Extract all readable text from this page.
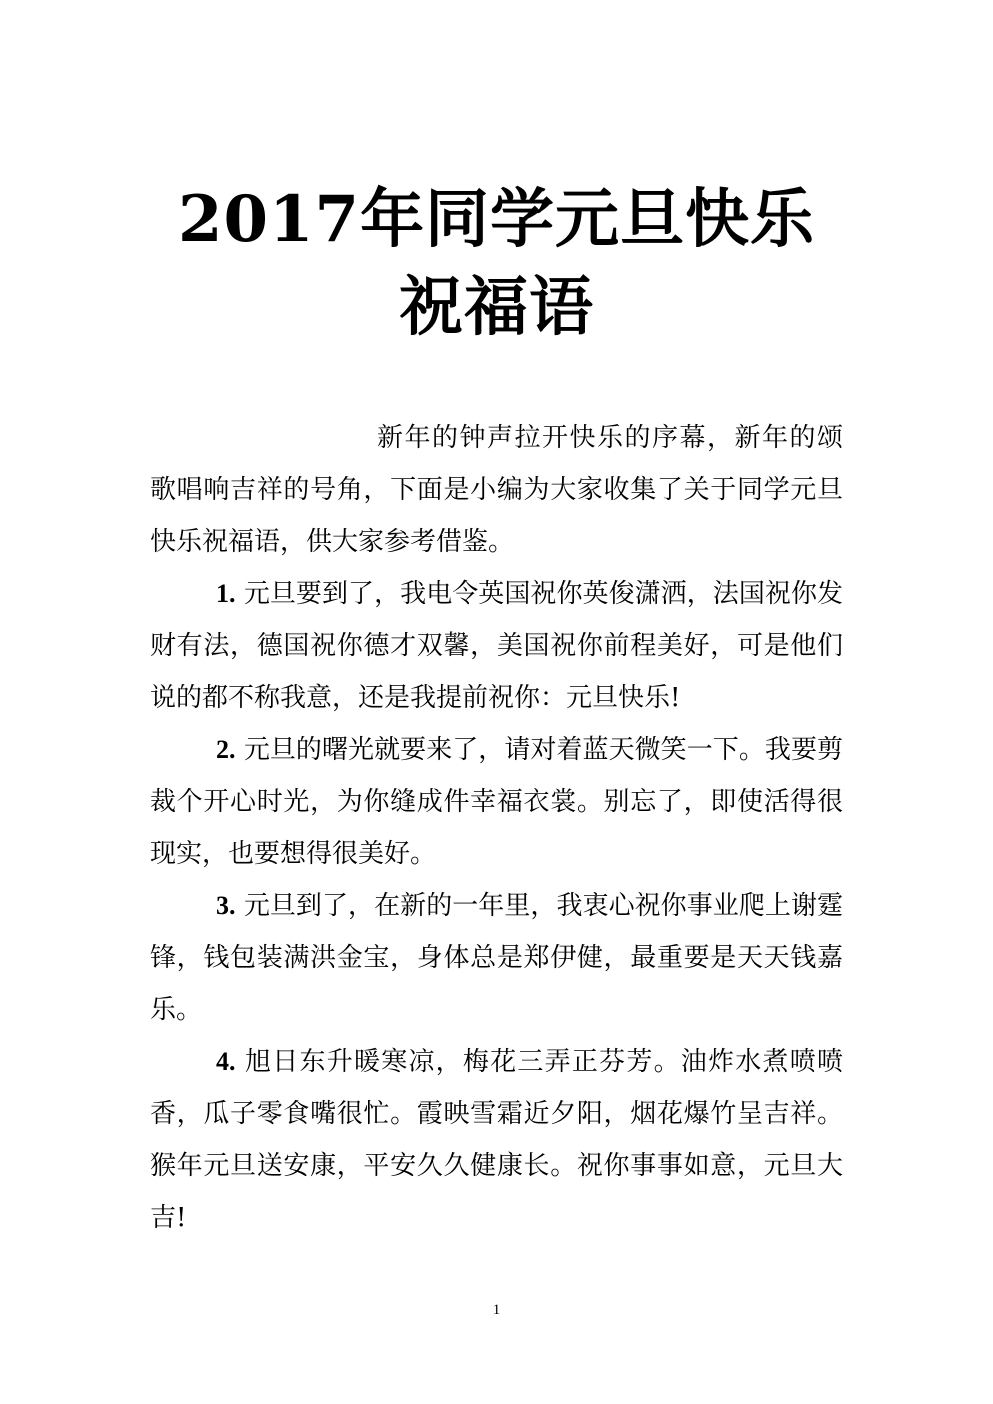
2017年同学元旦快乐祝福语

新年的钟声拉开快乐的序幕，新年的颂歌唱响吉祥的号角，下面是小编为大家收集了关于同学元旦快乐祝福语，供大家参考借鉴。

1. 元旦要到了，我电令英国祝你英俊潇洒，法国祝你发财有法，德国祝你德才双馨，美国祝你前程美好，可是他们说的都不称我意，还是我提前祝你：元旦快乐!

2. 元旦的曙光就要来了，请对着蓝天微笑一下。我要剪裁个开心时光，为你缝成件幸福衣裳。别忘了，即使活得很现实，也要想得很美好。

3. 元旦到了，在新的一年里，我衷心祝你事业爬上谢霆锋，钱包装满洪金宝，身体总是郑伊健，最重要是天天钱嘉乐。

4. 旭日东升暖寒凉，梅花三弄正芬芳。油炸水煮喷喷香，瓜子零食嘴很忙。霞映雪霜近夕阳，烟花爆竹呈吉祥。猴年元旦送安康，平安久久健康长。祝你事事如意，元旦大吉!

1
